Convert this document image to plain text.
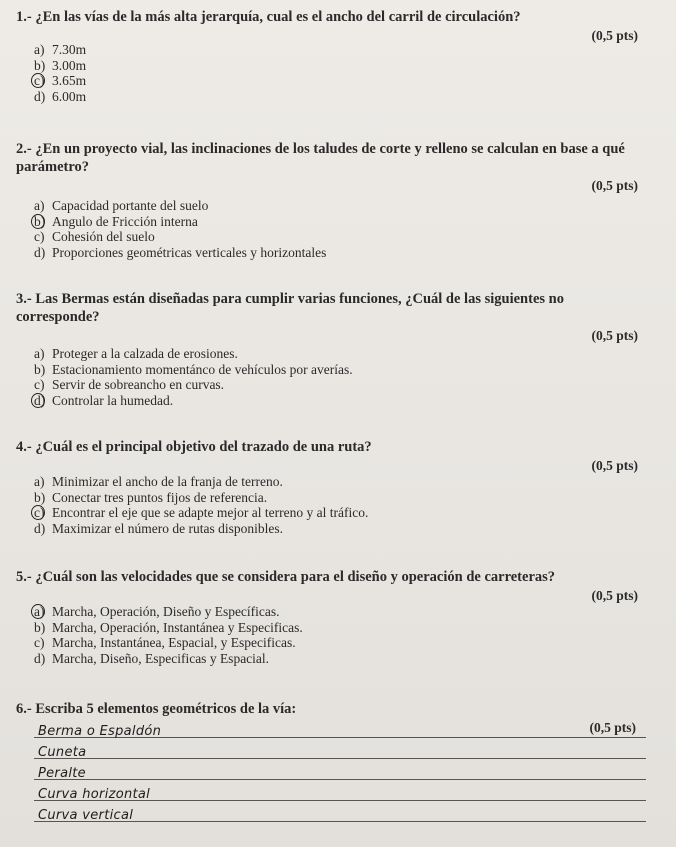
1.- ¿En las vías de la más alta jerarquía, cual es el ancho del carril de circulación?
(0,5 pts)
a) 7.30m
b) 3.00m
c) 3.65m
d) 6.00m
2.- ¿En un proyecto vial, las inclinaciones de los taludes de corte y relleno se calculan en base a qué parámetro?
(0,5 pts)
a) Capacidad portante del suelo
b) Angulo de Fricción interna
c) Cohesión del suelo
d) Proporciones geométricas verticales y horizontales
3.- Las Bermas están diseñadas para cumplir varias funciones, ¿Cuál de las siguientes no corresponde?
(0,5 pts)
a) Proteger a la calzada de erosiones.
b) Estacionamiento momentánco de vehículos por averías.
c) Servir de sobreancho en curvas.
d) Controlar la humedad.
4.- ¿Cuál es el principal objetivo del trazado de una ruta?
(0,5 pts)
a) Minimizar el ancho de la franja de terreno.
b) Conectar tres puntos fijos de referencia.
c) Encontrar el eje que se adapte mejor al terreno y al tráfico.
d) Maximizar el número de rutas disponibles.
5.- ¿Cuál son las velocidades que se considera para el diseño y operación de carreteras?
(0,5 pts)
a) Marcha, Operación, Diseño y Específicas.
b) Marcha, Operación, Instantánea y Especificas.
c) Marcha, Instantánea, Espacial, y Especificas.
d) Marcha, Diseño, Especificas y Espacial.
6.- Escriba 5 elementos geométricos de la vía:
Berma o Espaldón	(0,5 pts)
Cuneta
Peralte
Curva horizontal
Curva vertical
